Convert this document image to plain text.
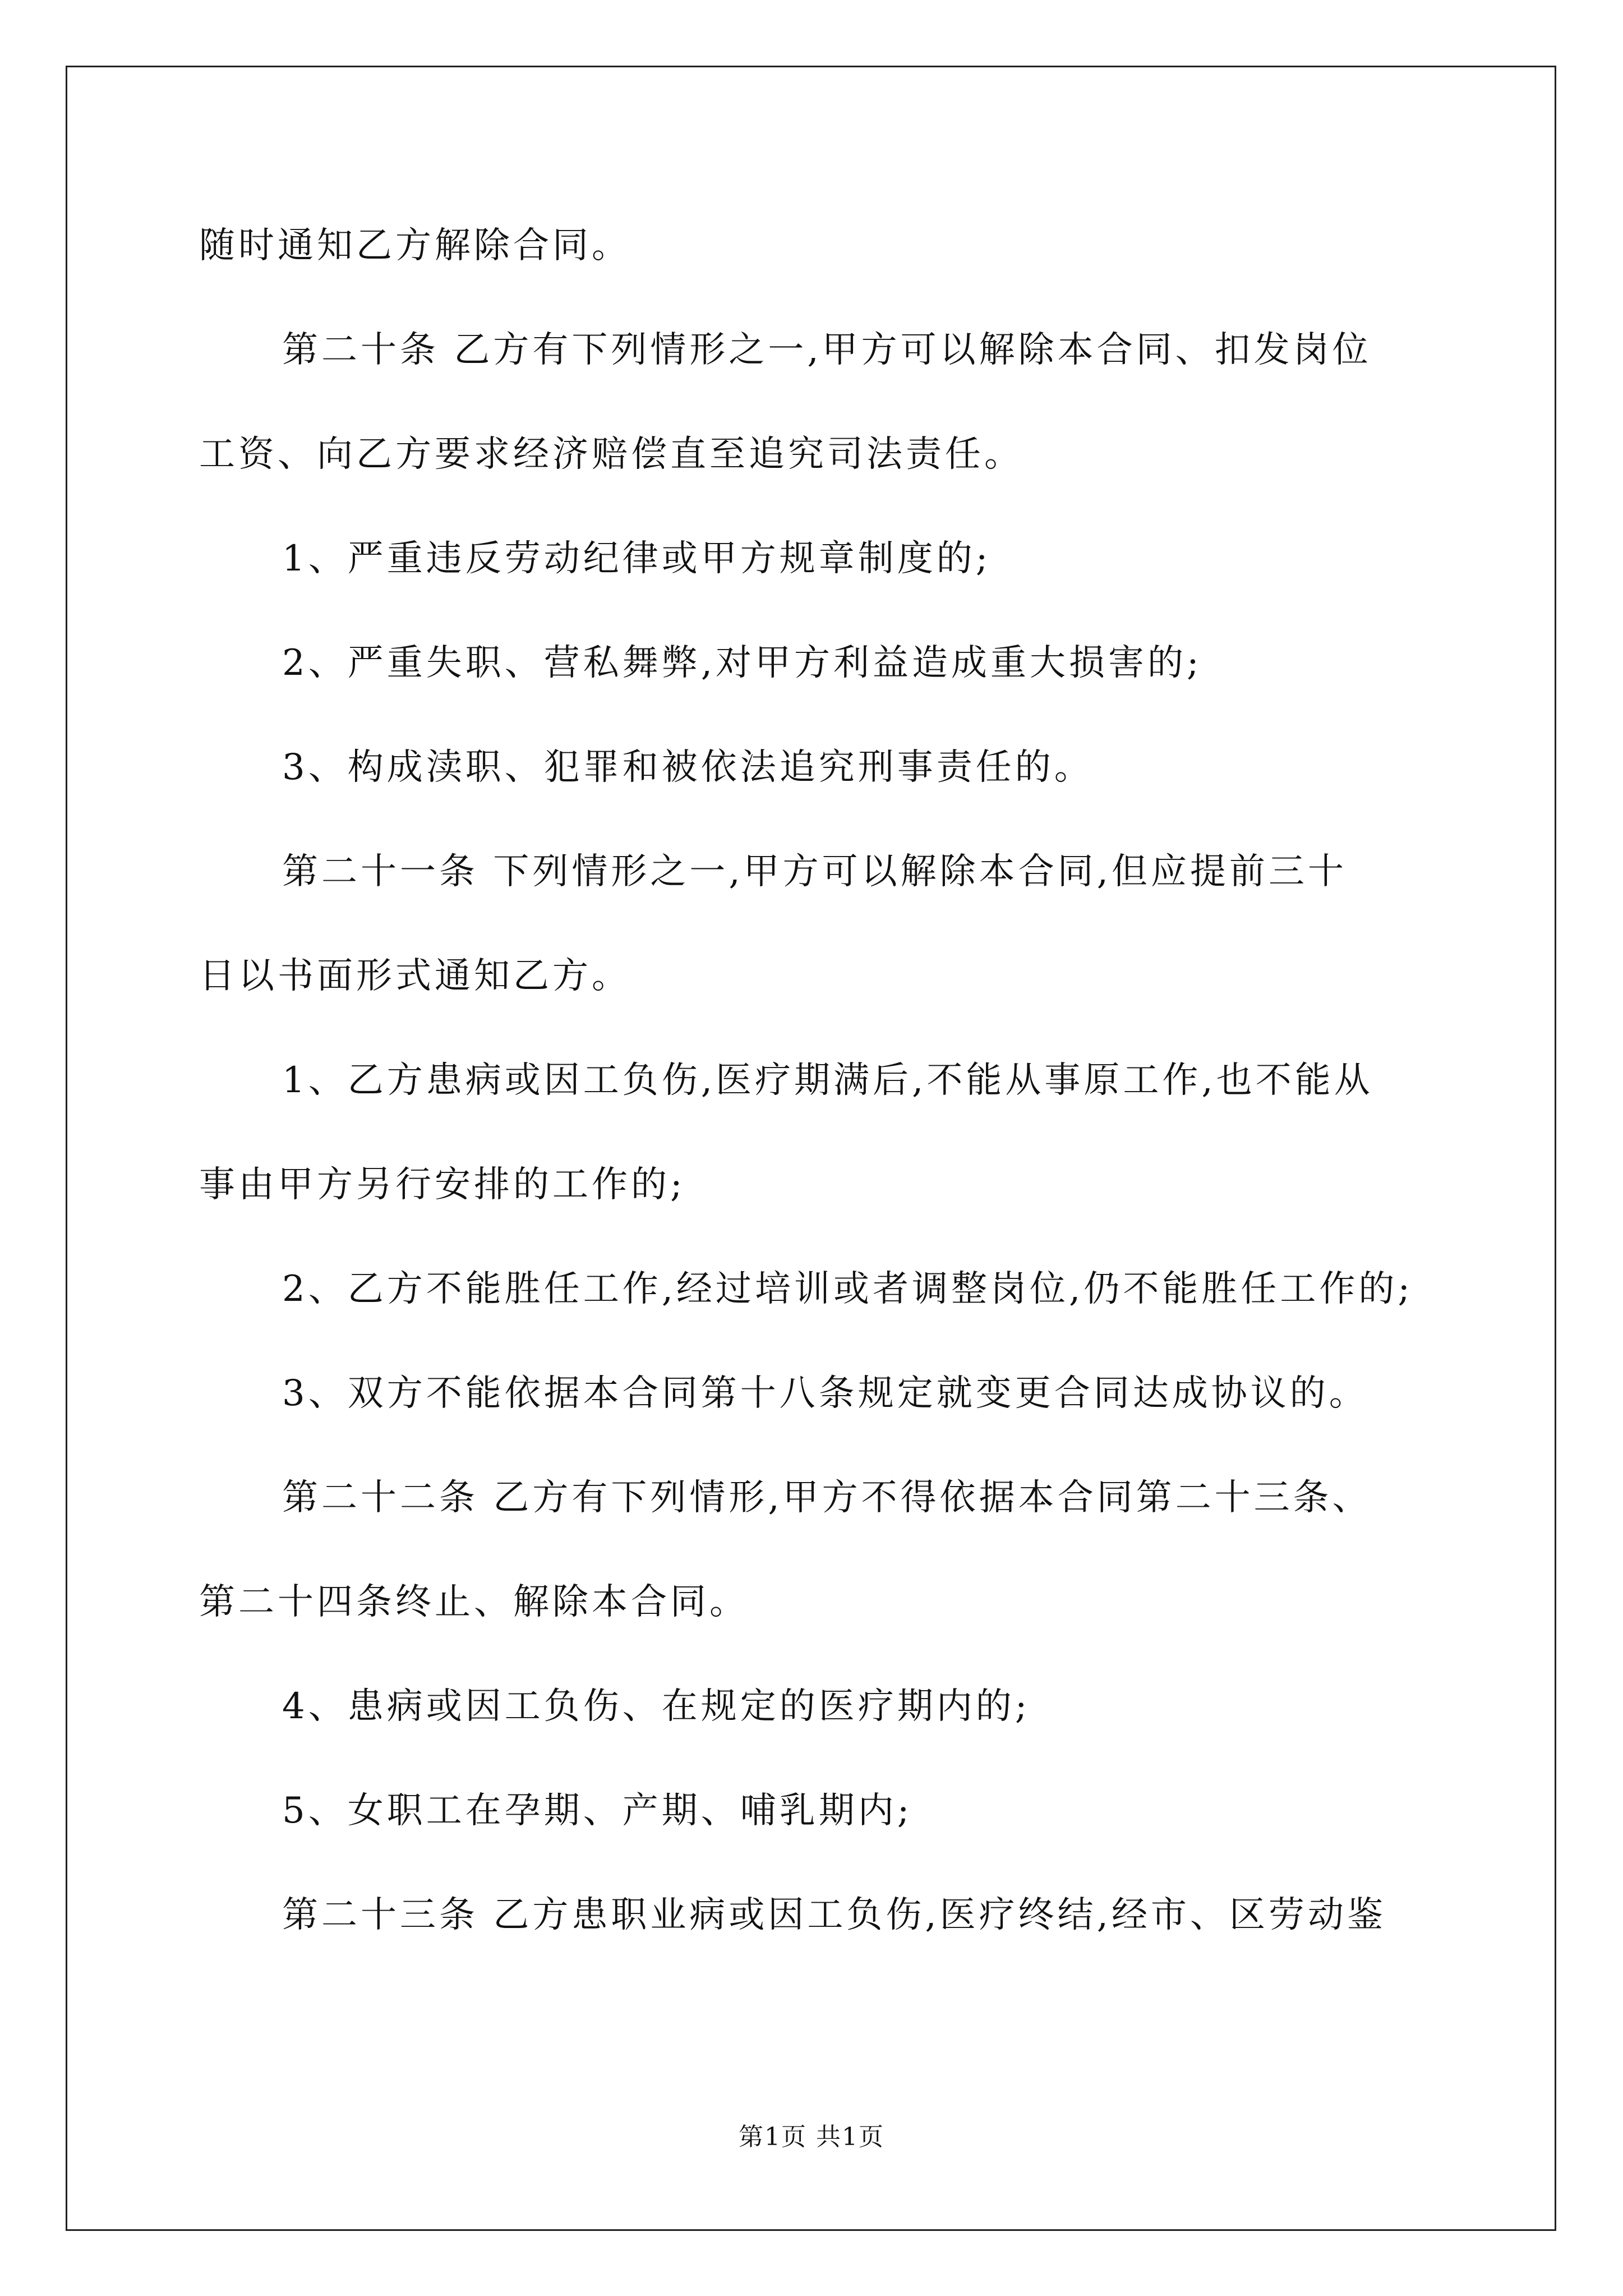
随时通知乙方解除合同。

第二十条 乙方有下列情形之一,甲方可以解除本合同、扣发岗位

工资、向乙方要求经济赔偿直至追究司法责任。

1、严重违反劳动纪律或甲方规章制度的;

2、严重失职、营私舞弊,对甲方利益造成重大损害的;

3、构成渎职、犯罪和被依法追究刑事责任的。

第二十一条 下列情形之一,甲方可以解除本合同,但应提前三十

日以书面形式通知乙方。

1、乙方患病或因工负伤,医疗期满后,不能从事原工作,也不能从

事由甲方另行安排的工作的;

2、乙方不能胜任工作,经过培训或者调整岗位,仍不能胜任工作的;

3、双方不能依据本合同第十八条规定就变更合同达成协议的。

第二十二条 乙方有下列情形,甲方不得依据本合同第二十三条、

第二十四条终止、解除本合同。

4、患病或因工负伤、在规定的医疗期内的;

5、女职工在孕期、产期、哺乳期内;

第二十三条 乙方患职业病或因工负伤,医疗终结,经市、区劳动鉴

第1页 共1页
